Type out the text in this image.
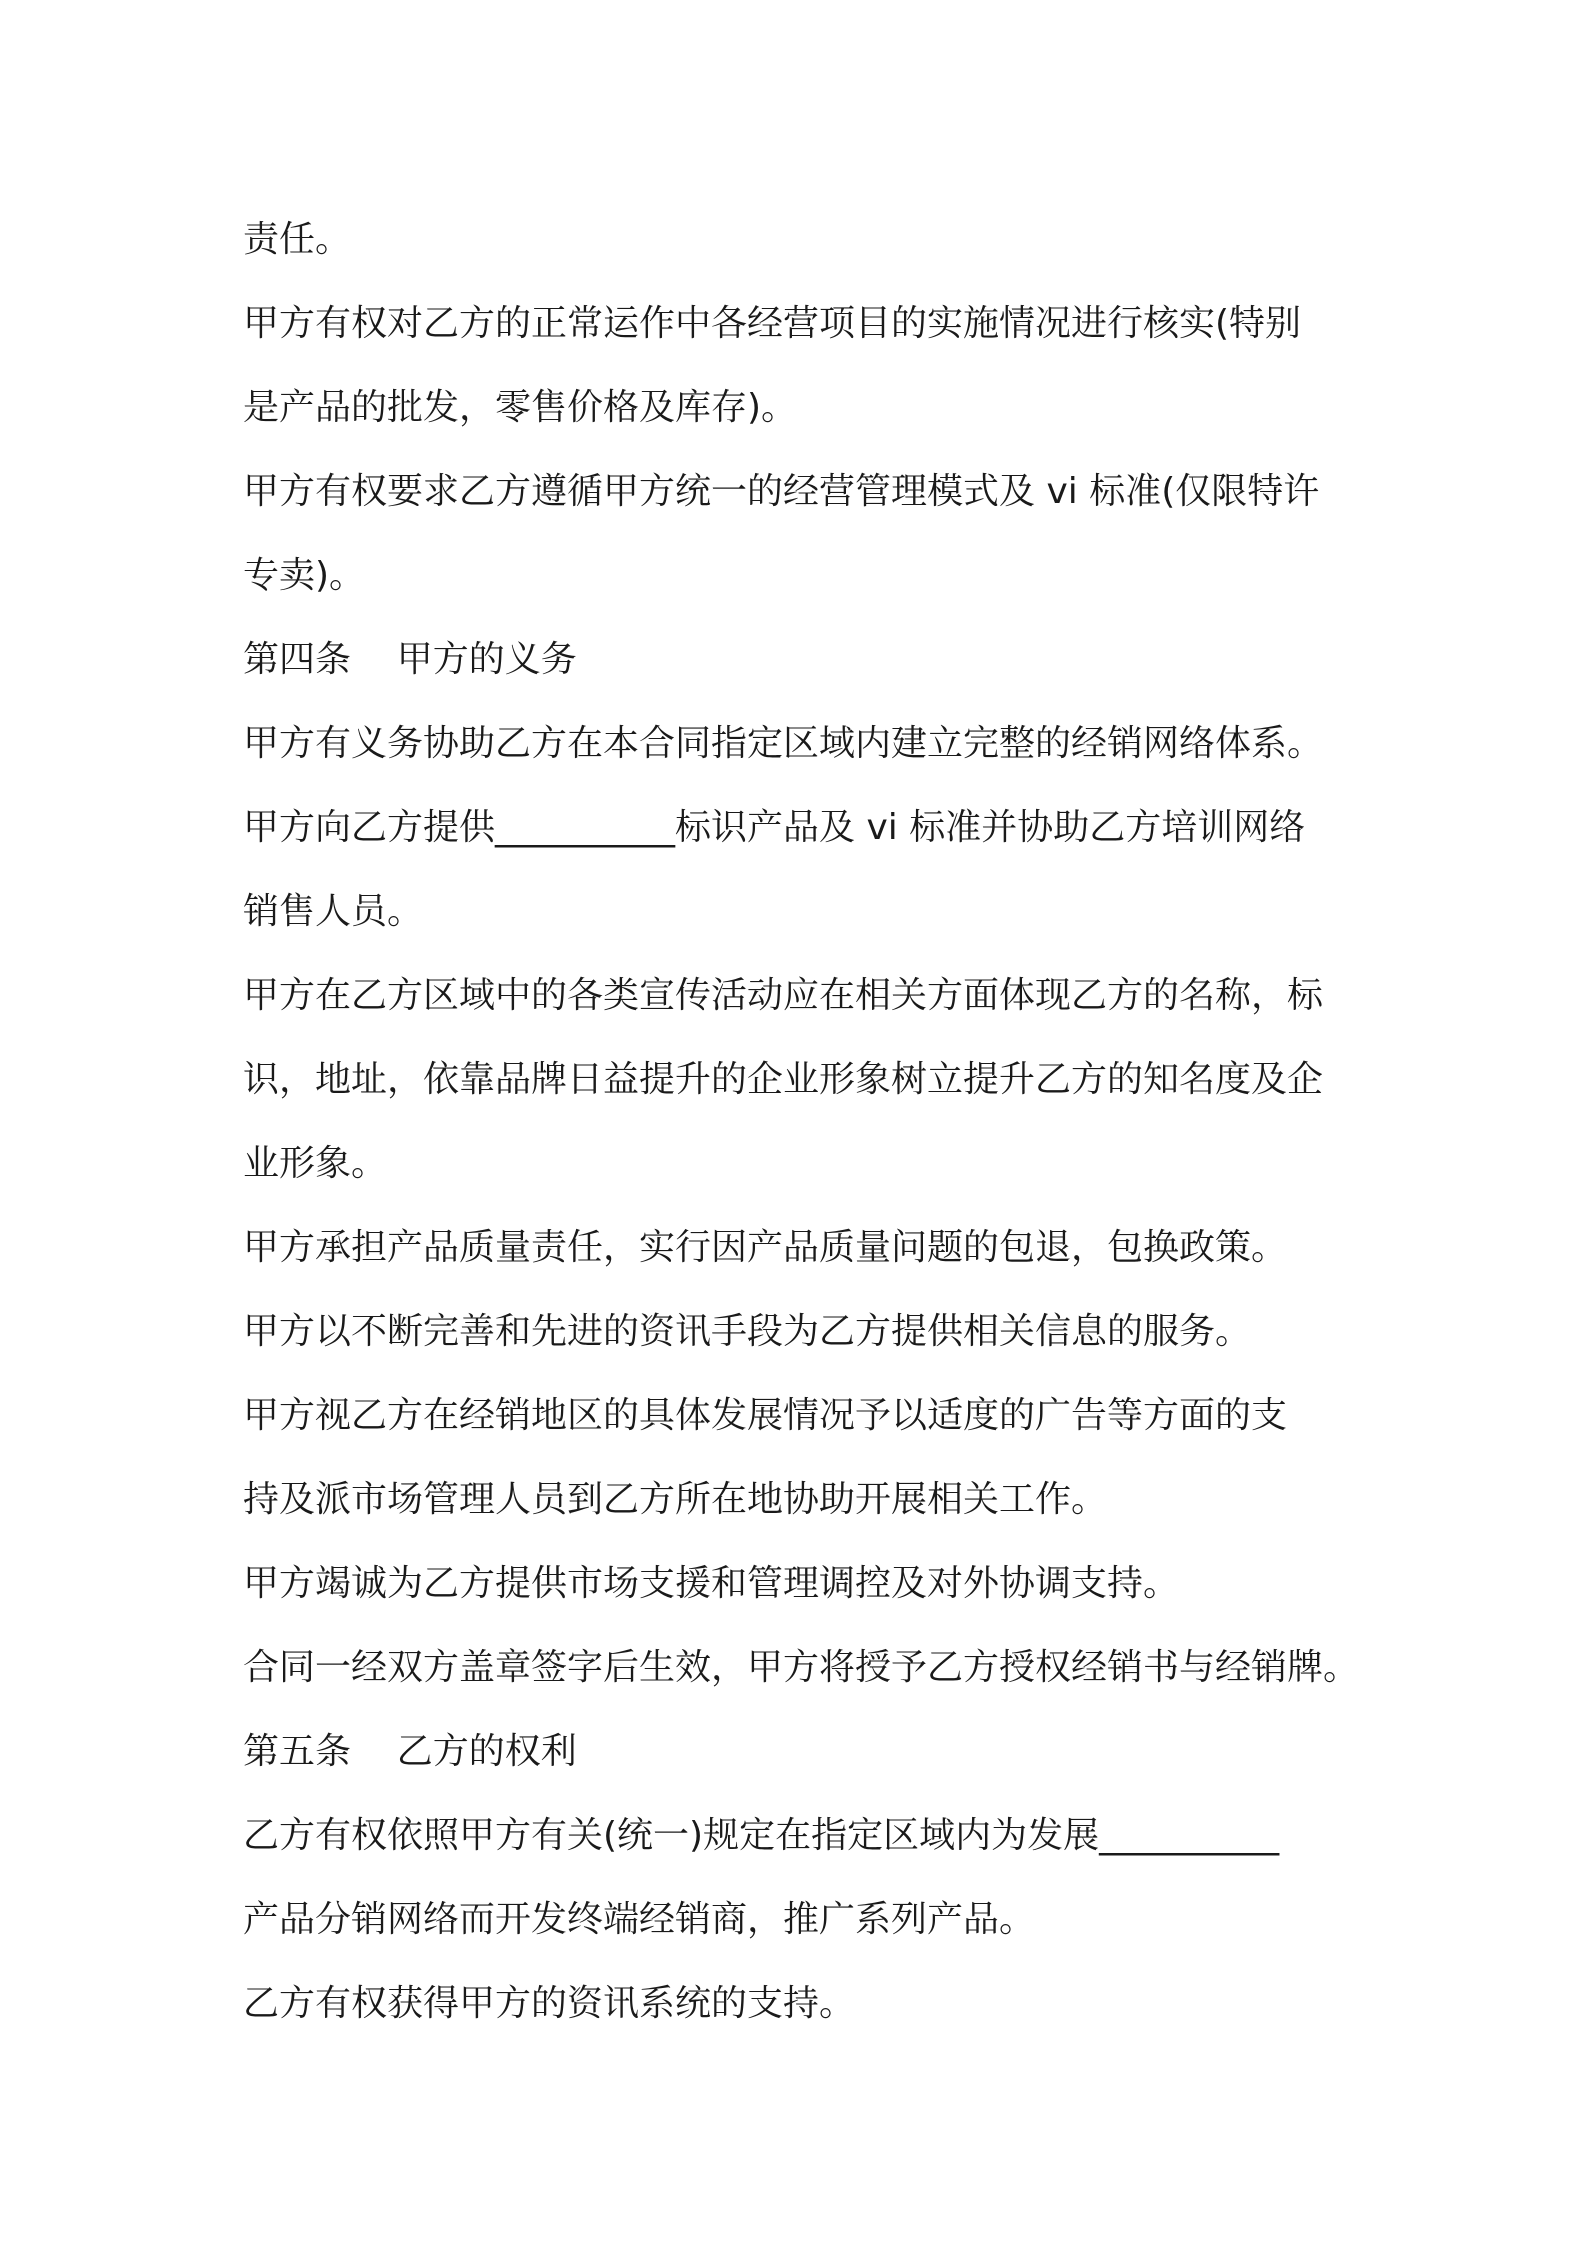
责任。
甲方有权对乙方的正常运作中各经营项目的实施情况进行核实(特别
是产品的批发，零售价格及库存)。
甲方有权要求乙方遵循甲方统一的经营管理模式及 vi 标准(仅限特许
专卖)。
第四条    甲方的义务
甲方有义务协助乙方在本合同指定区域内建立完整的经销网络体系。
甲方向乙方提供__________标识产品及 vi 标准并协助乙方培训网络
销售人员。
甲方在乙方区域中的各类宣传活动应在相关方面体现乙方的名称，标
识，地址，依靠品牌日益提升的企业形象树立提升乙方的知名度及企
业形象。
甲方承担产品质量责任，实行因产品质量问题的包退，包换政策。
甲方以不断完善和先进的资讯手段为乙方提供相关信息的服务。
甲方视乙方在经销地区的具体发展情况予以适度的广告等方面的支
持及派市场管理人员到乙方所在地协助开展相关工作。
甲方竭诚为乙方提供市场支援和管理调控及对外协调支持。
合同一经双方盖章签字后生效，甲方将授予乙方授权经销书与经销牌。
第五条    乙方的权利
乙方有权依照甲方有关(统一)规定在指定区域内为发展__________
产品分销网络而开发终端经销商，推广系列产品。
乙方有权获得甲方的资讯系统的支持。
